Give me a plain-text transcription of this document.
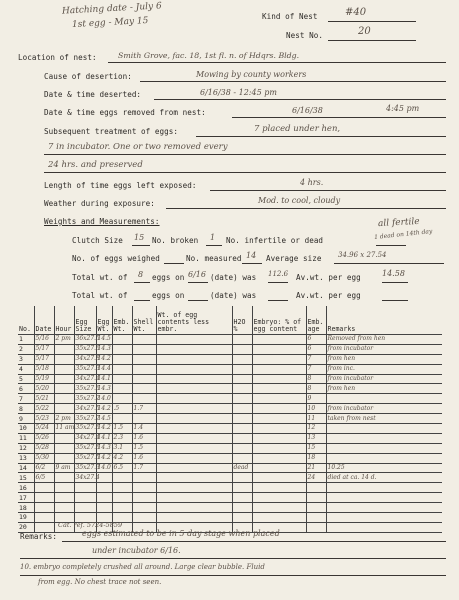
Hatching date - July 6
1st egg - May 15	Kind of Nest	#40
Nest No.	20
Location of nest:	Smith Grove, fac. 18, 1st fl. n. of Hdqrs. Bldg.
Cause of desertion:	Mowing by county workers
Date & time deserted:	6/16/38 - 12:45 pm
Date & time eggs removed from nest:	6/16/38	4:45 pm
Subsequent treatment of eggs:	7 placed under hen,
7 in incubator. One or two removed every
24 hrs. and preserved
Length of time eggs left exposed:	4 hrs.
Weather during exposure:	Mod. to cool, cloudy
Weights and Measurements:	all fertile
Clutch Size 15 No. broken 1 No. infertile or dead	1 dead on 14th day
No. of eggs weighed	No. measured 14 Average size 34.96 x 27.54
Total wt. of 8 eggs on 6/16 (date) was 112.6 Av.wt. per egg	14.58
Total wt. of	eggs on	(date) was	Av.wt. per egg
No.	Date	Hour	Egg Size	Egg Wt.	Emb. Wt.	Shell Wt.	Wt. of egg contents less embr.	H2O %	Embryo: % of egg content	Emb. age	Remarks
1	5/16	2 pm	36x27.5	14.5						6	Removed from hen
2	5/17		35x27.6	14.3						6	from incubator
3	5/17		34x27.8	14.2						7	from hen
4	5/18		35x27.3	14.4						7	from inc.
5	5/19		34x27.4	14.1						8	from incubator
6	5/20		35x27.6	14.3						8	from hen
7	5/21		35x27.2	14.0						9	
8	5/22		34x27.5	14.2	.5	1.7				10	from incubator
9	5/23	2 pm	35x27.7	14.5						11	taken from nest
10	5/24	11 am	35x27.6	14.2	1.5	1.4				12	
11	5/26		34x27.4	14.1	2.3	1.6				13	
12	5/28		35x27.6	14.3	3.1	1.5				15	
13	5/30		35x27.5	14.2	4.2	1.6				18	
14	6/2	9 am	35x27.3	14.0	6.5	1.7		dead		21	10.25
15	6/5		34x27.4							24	died at ca. 14 d.
16											
17											
18											
19											
20												Cat. ref. 5724-5859
Remarks:	eggs estimated to be in 5 day stage when placed
under incubator 6/16.
10. embryo completely crushed all around. Large clear bubble. Fluid
from egg. No chest trace not seen.
